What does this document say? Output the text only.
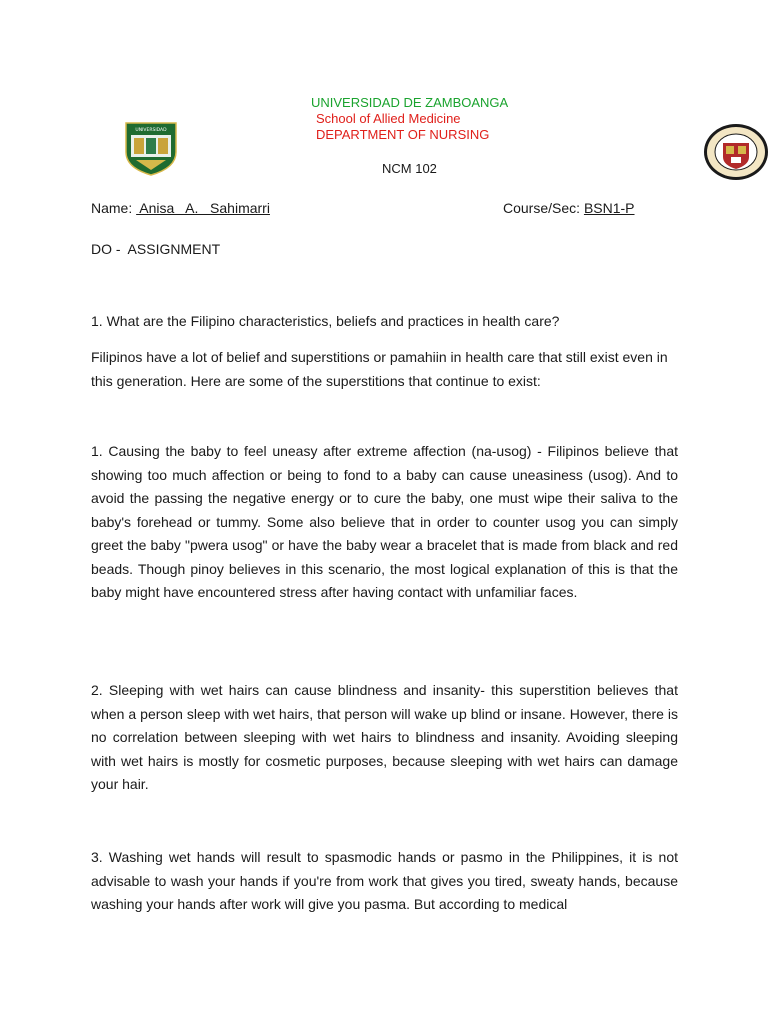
UNIVERSIDAD
UNIVERSIDAD DE ZAMBOANGA
School of Allied Medicine
DEPARTMENT OF NURSING
NCM 102
Name:  Anisa   A.   Sahimarri	Course/Sec: BSN1-P
DO -  ASSIGNMENT
1. What are the Filipino characteristics, beliefs and practices in health care?
Filipinos have a lot of belief and superstitions or pamahiin in health care that still exist even in this generation. Here are some of the superstitions that continue to exist:
1. Causing the baby to feel uneasy after extreme affection (na-usog) - Filipinos believe that showing too much affection or being to fond to a baby can cause uneasiness (usog). And to avoid the passing the negative energy or to cure the baby, one must wipe their saliva to the baby's forehead or tummy. Some also believe that in order to counter usog you can simply greet the baby "pwera usog" or have the baby wear a bracelet that is made from black and red beads. Though pinoy believes in this scenario, the most logical explanation of this is that the baby might have encountered stress after having contact with unfamiliar faces.
2. Sleeping with wet hairs can cause blindness and insanity- this superstition believes that when a person sleep with wet hairs, that person will wake up blind or insane. However, there is no correlation between sleeping with wet hairs to blindness and insanity. Avoiding sleeping with wet hairs is mostly for cosmetic purposes, because sleeping with wet hairs can damage your hair.
3. Washing wet hands will result to spasmodic hands or pasmo in the Philippines, it is not advisable to wash your hands if you're from work that gives you tired, sweaty hands, because washing your hands after work will give you pasma. But according to medical
